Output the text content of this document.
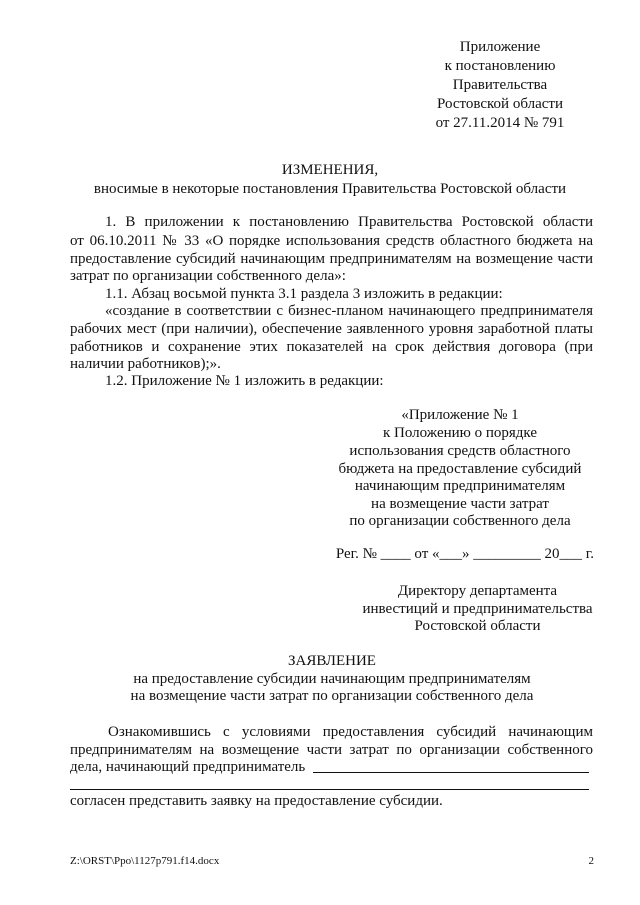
Приложение
к постановлению
Правительства
Ростовской области
от 27.11.2014 № 791
ИЗМЕНЕНИЯ,
вносимые в некоторые постановления Правительства Ростовской области
1. В приложении к постановлению Правительства Ростовской области
от 06.10.2011 № 33 «О порядке использования средств областного бюджета на
предоставление субсидий начинающим предпринимателям на возмещение части
затрат по организации собственного дела»:
1.1. Абзац восьмой пункта 3.1 раздела 3 изложить в редакции:
«создание в соответствии с бизнес-планом начинающего предпринимателя
рабочих мест (при наличии), обеспечение заявленного уровня заработной платы
работников и сохранение этих показателей на срок действия договора (при
наличии работников);».
1.2. Приложение № 1 изложить в редакции:
«Приложение № 1
к Положению о порядке
использования средств областного
бюджета на предоставление субсидий
начинающим предпринимателям
на возмещение части затрат
по организации собственного дела
Рег. № ____ от «___» _________ 20___ г.
Директору департамента
инвестиций и предпринимательства
Ростовской области
ЗАЯВЛЕНИЕ
на предоставление субсидии начинающим предпринимателям
на возмещение части затрат по организации собственного дела
Ознакомившись с условиями предоставления субсидий начинающим
предпринимателям на возмещение части затрат по организации собственного
дела, начинающий предприниматель
согласен представить заявку на предоставление субсидии.
Z:\ORST\Ppo\1127p791.f14.docx	2
